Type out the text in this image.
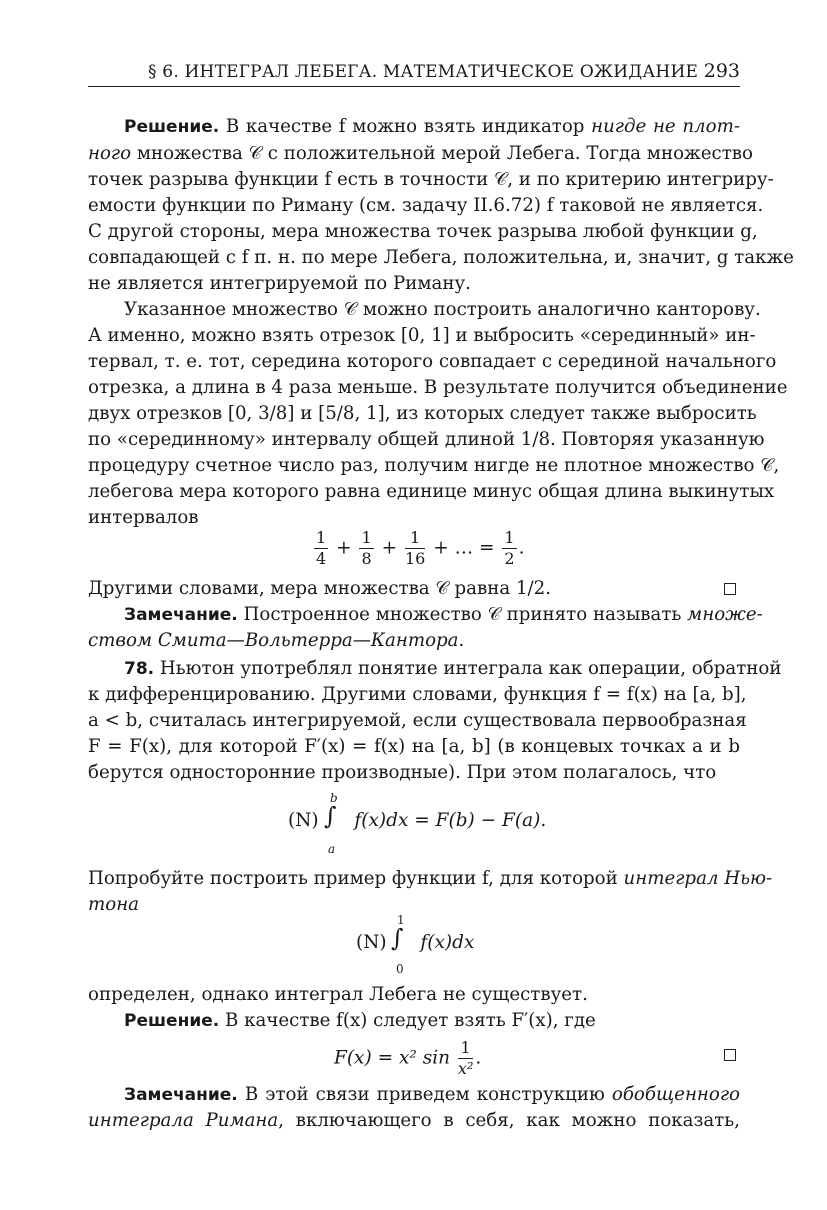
§ 6. ИНТЕГРАЛ ЛЕБЕГА. МАТЕМАТИЧЕСКОЕ ОЖИДАНИЕ 293
Решение. В качестве f можно взять индикатор нигде не плот-
ного множества 𝒞 с положительной мерой Лебега. Тогда множество
точек разрыва функции f есть в точности 𝒞, и по критерию интегриру-
емости функции по Риману (см. задачу II.6.72) f таковой не является.
С другой стороны, мера множества точек разрыва любой функции g,
совпадающей с f п. н. по мере Лебега, положительна, и, значит, g также
не является интегрируемой по Риману.
Указанное множество 𝒞 можно построить аналогично канторову.
А именно, можно взять отрезок [0, 1] и выбросить «серединный» ин-
тервал, т. е. тот, середина которого совпадает с серединой начального
отрезка, а длина в 4 раза меньше. В результате получится объединение
двух отрезков [0, 3/8] и [5/8, 1], из которых следует также выбросить
по «серединному» интервалу общей длиной 1/8. Повторяя указанную
процедуру счетное число раз, получим нигде не плотное множество 𝒞,
лебегова мера которого равна единице минус общая длина выкинутых
интервалов
$\frac{1}{4} + \frac{1}{8} + \frac{1}{16}$ + … = $\frac{1}{2}$ .
Другими словами, мера множества 𝒞 равна 1/2.
Замечание. Построенное множество 𝒞 принято называть множе-
ством Смита—Вольтерра—Кантора.
78. Ньютон употреблял понятие интеграла как операции, обратной
к дифференцированию. Другими словами, функция f = f(x) на [a, b],
a < b, считалась интегрируемой, если существовала первообразная
F = F(x), для которой F′(x) = f(x) на [a, b] (в концевых точках a и b
берутся односторонние производные). При этом полагалось, что
(N) f(x)dx = F(b) − F(a).
∫
b
a
Попробуйте построить пример функции f, для которой интеграл Нью-
тона
(N) f(x)dx
∫
1
0
определен, однако интеграл Лебега не существует.
Решение. В качестве f(x) следует взять F′(x), где
F(x) = x² $\sin \frac{1}{\text{x²}}$ .
Замечание. В этой связи приведем конструкцию обобщенного
интеграла Римана, включающего в себя, как можно показать,
